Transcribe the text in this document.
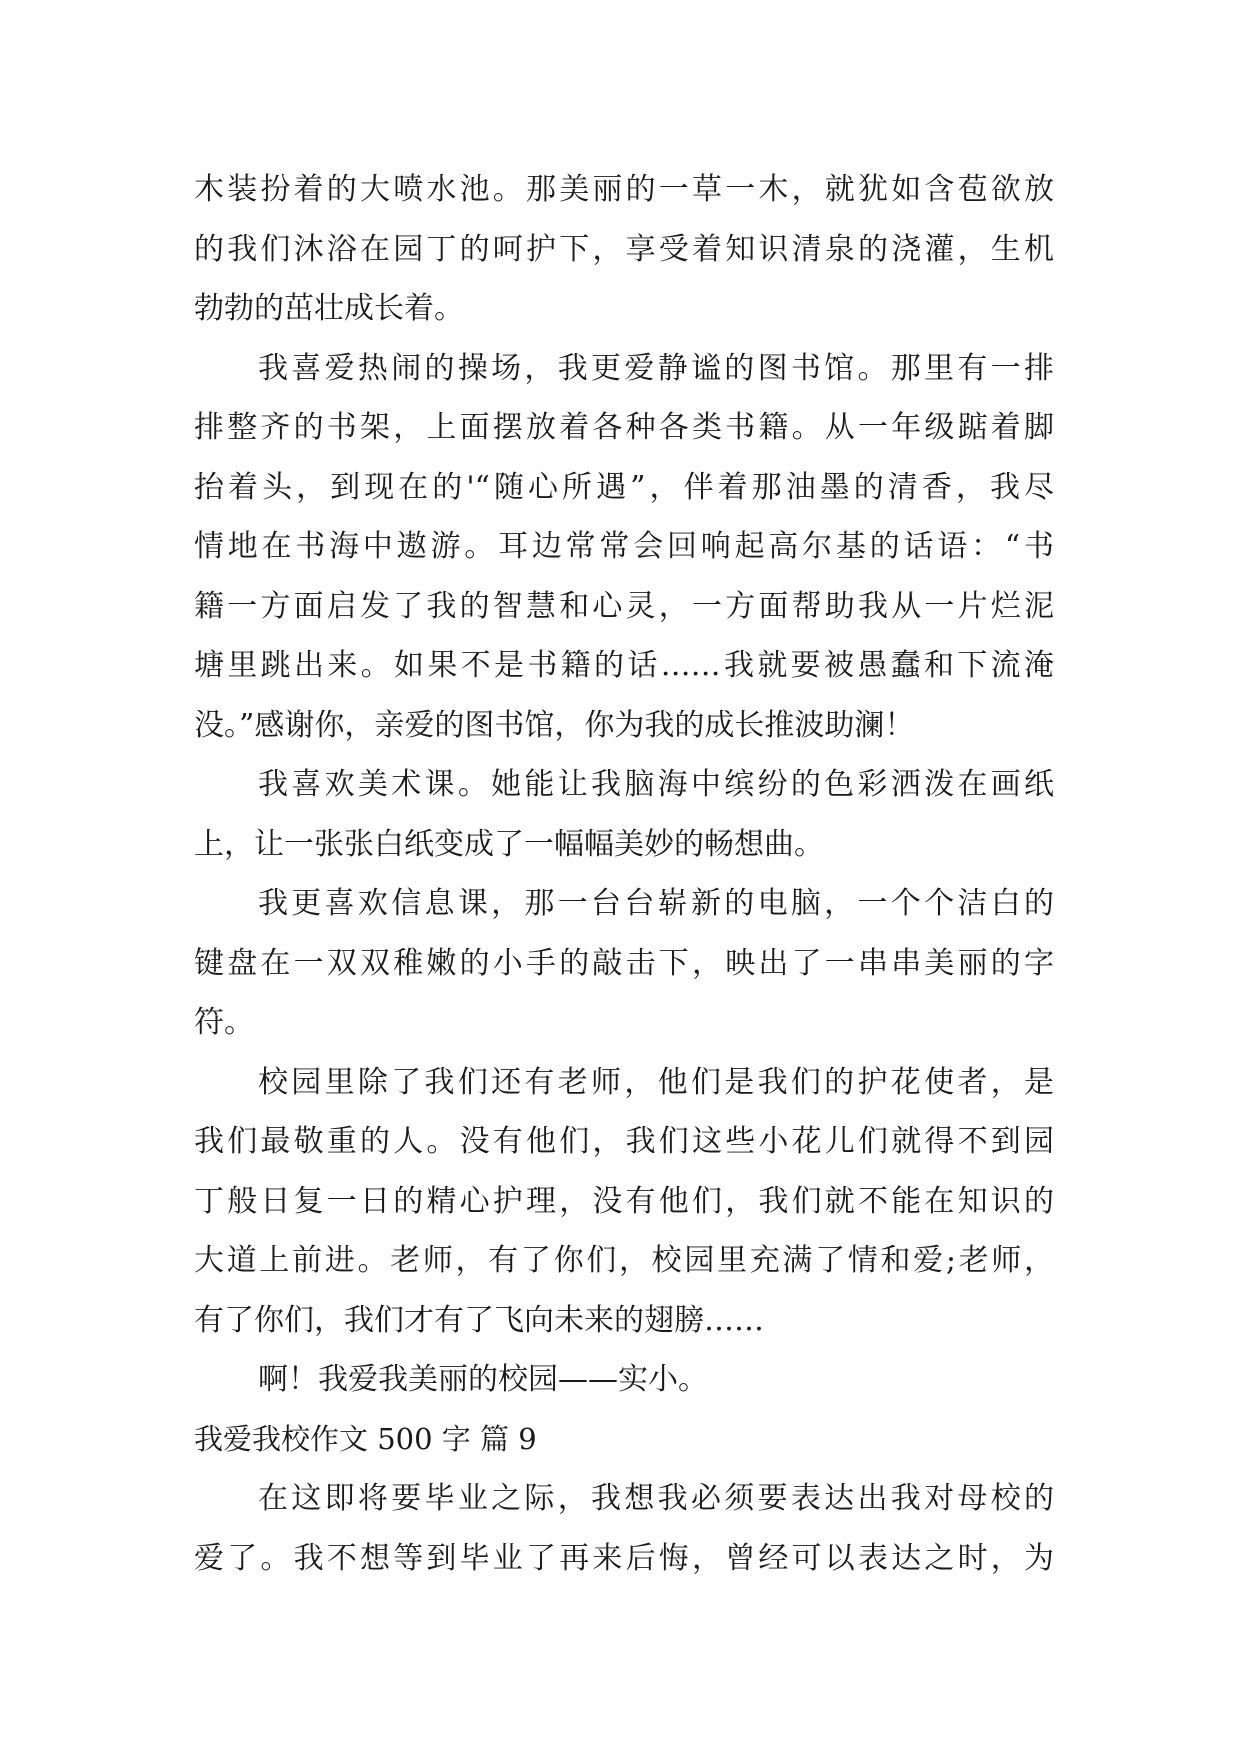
木装扮着的大喷水池。那美丽的一草一木，就犹如含苞欲放
的我们沐浴在园丁的呵护下，享受着知识清泉的浇灌，生机
勃勃的茁壮成长着。
我喜爱热闹的操场，我更爱静谧的图书馆。那里有一排
排整齐的书架，上面摆放着各种各类书籍。从一年级踮着脚
抬着头，到现在的'“随心所遇”，伴着那油墨的清香，我尽
情地在书海中遨游。耳边常常会回响起高尔基的话语：“书
籍一方面启发了我的智慧和心灵，一方面帮助我从一片烂泥
塘里跳出来。如果不是书籍的话……我就要被愚蠢和下流淹
没。”感谢你，亲爱的图书馆，你为我的成长推波助澜！
我喜欢美术课。她能让我脑海中缤纷的色彩洒泼在画纸
上，让一张张白纸变成了一幅幅美妙的畅想曲。
我更喜欢信息课，那一台台崭新的电脑，一个个洁白的
键盘在一双双稚嫩的小手的敲击下，映出了一串串美丽的字
符。
校园里除了我们还有老师，他们是我们的护花使者，是
我们最敬重的人。没有他们，我们这些小花儿们就得不到园
丁般日复一日的精心护理，没有他们，我们就不能在知识的
大道上前进。老师，有了你们，校园里充满了情和爱;老师，
有了你们，我们才有了飞向未来的翅膀……
啊！我爱我美丽的校园——实小。
我爱我校作文 500 字 篇 9
在这即将要毕业之际，我想我必须要表达出我对母校的
爱了。我不想等到毕业了再来后悔，曾经可以表达之时，为
